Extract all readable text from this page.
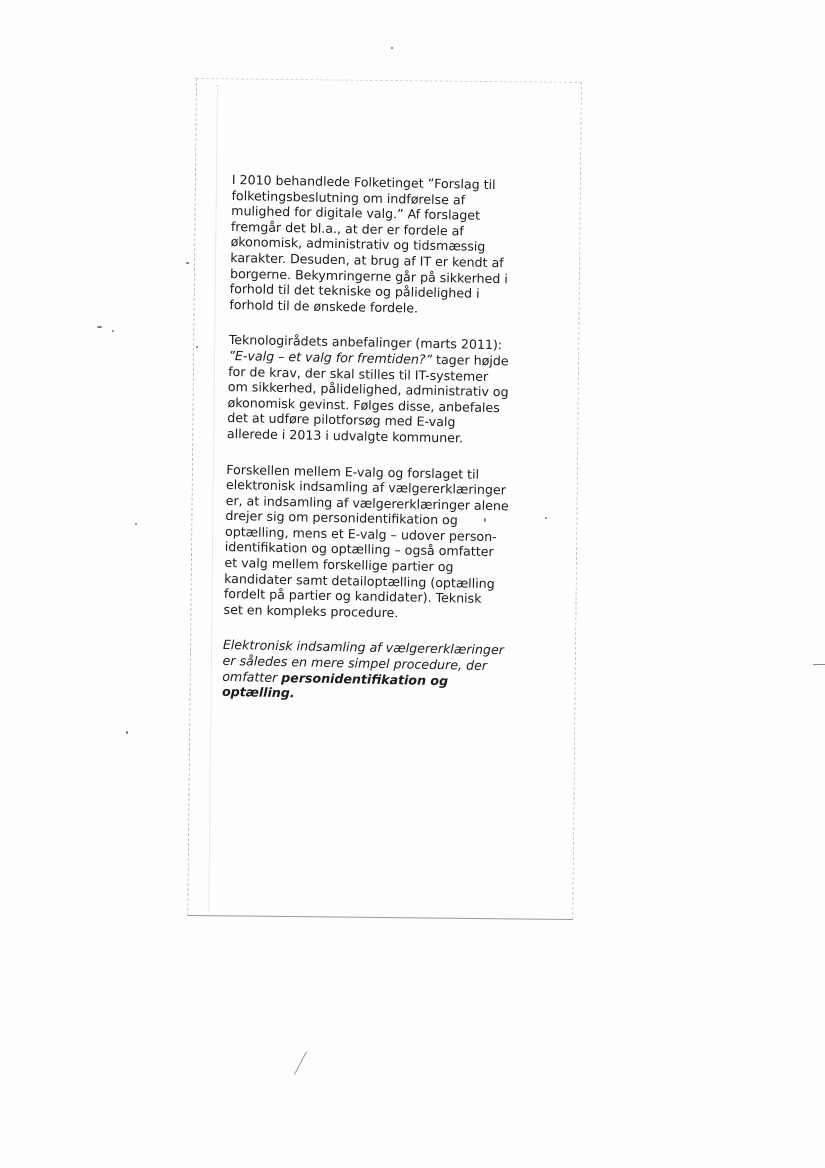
I 2010 behandlede Folketinget ”Forslag til
folketingsbeslutning om indførelse af
mulighed for digitale valg.” Af forslaget
fremgår det bl.a., at der er fordele af
økonomisk, administrativ og tidsmæssig
karakter. Desuden, at brug af IT er kendt af
borgerne. Bekymringerne går på sikkerhed i
forhold til det tekniske og pålidelighed i
forhold til de ønskede fordele.

Teknologirådets anbefalinger (marts 2011):
”E-valg – et valg for fremtiden?” tager højde
for de krav, der skal stilles til IT-systemer
om sikkerhed, pålidelighed, administrativ og
økonomisk gevinst. Følges disse, anbefales
det at udføre pilotforsøg med E-valg
allerede i 2013 i udvalgte kommuner.

Forskellen mellem E-valg og forslaget til
elektronisk indsamling af vælgererklæringer
er, at indsamling af vælgererklæringer alene
drejer sig om personidentifikation og
optælling, mens et E-valg – udover person-
identifikation og optælling – også omfatter
et valg mellem forskellige partier og
kandidater samt detailoptælling (optælling
fordelt på partier og kandidater). Teknisk
set en kompleks procedure.

Elektronisk indsamling af vælgererklæringer
er således en mere simpel procedure, der
omfatter personidentifikation og
optælling.
